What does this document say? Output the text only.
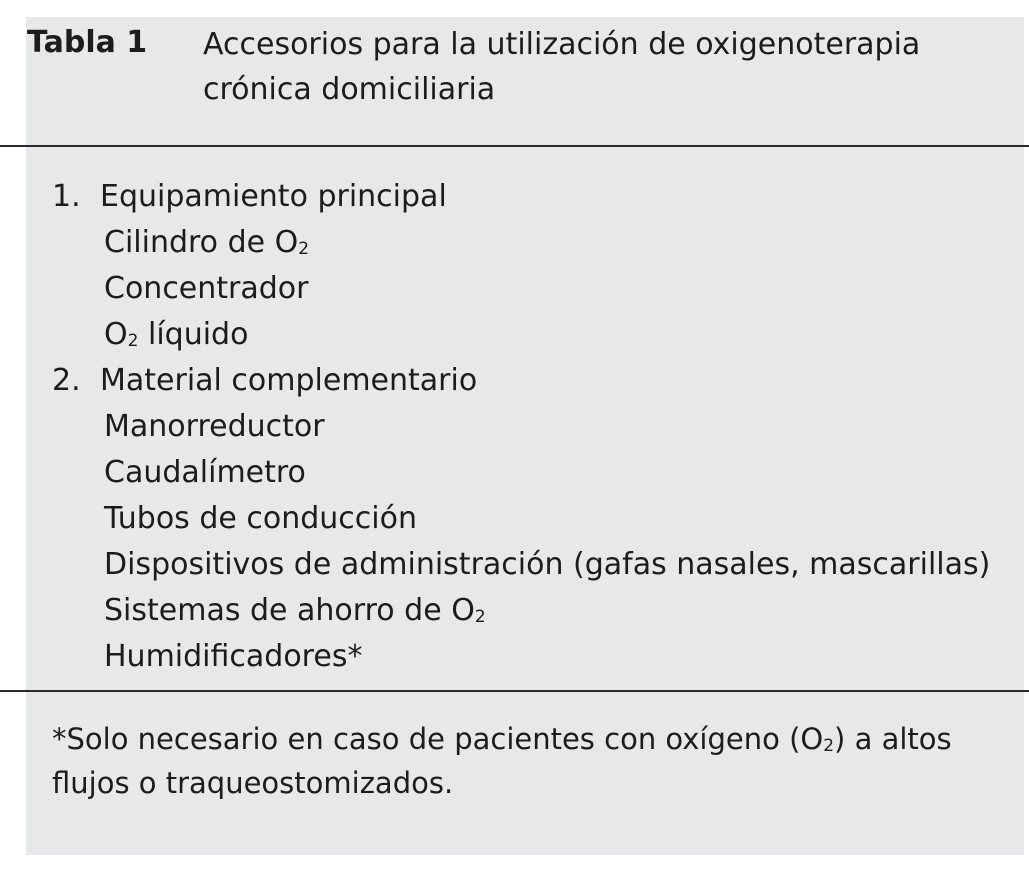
Tabla 1 Accesorios para la utilización de oxigenoterapia crónica domiciliaria
1. Equipamiento principal
Cilindro de $O_2$
Concentrador
$O_2$ líquido
2. Material complementario
Manorreductor
Caudalímetro
Tubos de conducción
Dispositivos de administración (gafas nasales, mascarillas)
Sistemas de ahorro de $O_2$
Humidificadores*
*Solo necesario en caso de pacientes con oxígeno $(O_2)$ a altos flujos o traqueostomizados.
